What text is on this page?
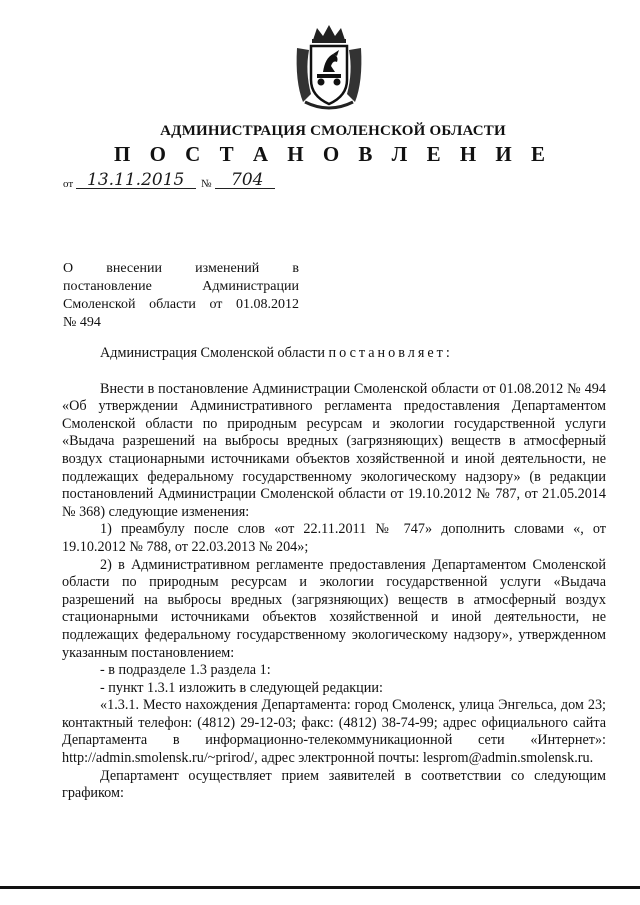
АДМИНИСТРАЦИЯ СМОЛЕНСКОЙ ОБЛАСТИ
П О С Т А Н О В Л Е Н И Е
от 13.11.2015 № 704
О внесении изменений в
постановление Администрации
Смоленской области от 01.08.2012
№ 494

Администрация Смоленской области постановляет:

Внести в постановление Администрации Смоленской области от 01.08.2012 № 494 «Об утверждении Административного регламента предоставления Департаментом Смоленской области по природным ресурсам и экологии государственной услуги «Выдача разрешений на выбросы вредных (загрязняющих) веществ в атмосферный воздух стационарными источниками объектов хозяйственной и иной деятельности, не подлежащих федеральному государственному экологическому надзору» (в редакции постановлений Администрации Смоленской области от 19.10.2012 № 787, от 21.05.2014 № 368) следующие изменения:

1) преамбулу после слов «от 22.11.2011 № 747» дополнить словами «, от 19.10.2012 № 788, от 22.03.2013 № 204»;

2) в Административном регламенте предоставления Департаментом Смоленской области по природным ресурсам и экологии государственной услуги «Выдача разрешений на выбросы вредных (загрязняющих) веществ в атмосферный воздух стационарными источниками объектов хозяйственной и иной деятельности, не подлежащих федеральному государственному экологическому надзору», утвержденном указанным постановлением:

- в подразделе 1.3 раздела 1:

- пункт 1.3.1 изложить в следующей редакции:

«1.3.1. Место нахождения Департамента: город Смоленск, улица Энгельса, дом 23; контактный телефон: (4812) 29-12-03; факс: (4812) 38-74-99; адрес официального сайта Департамента в информационно-телекоммуникационной сети «Интернет»: http://admin.smolensk.ru/~prirod/, адрес электронной почты: lesprom@admin.smolensk.ru.

Департамент осуществляет прием заявителей в соответствии со следующим графиком:
